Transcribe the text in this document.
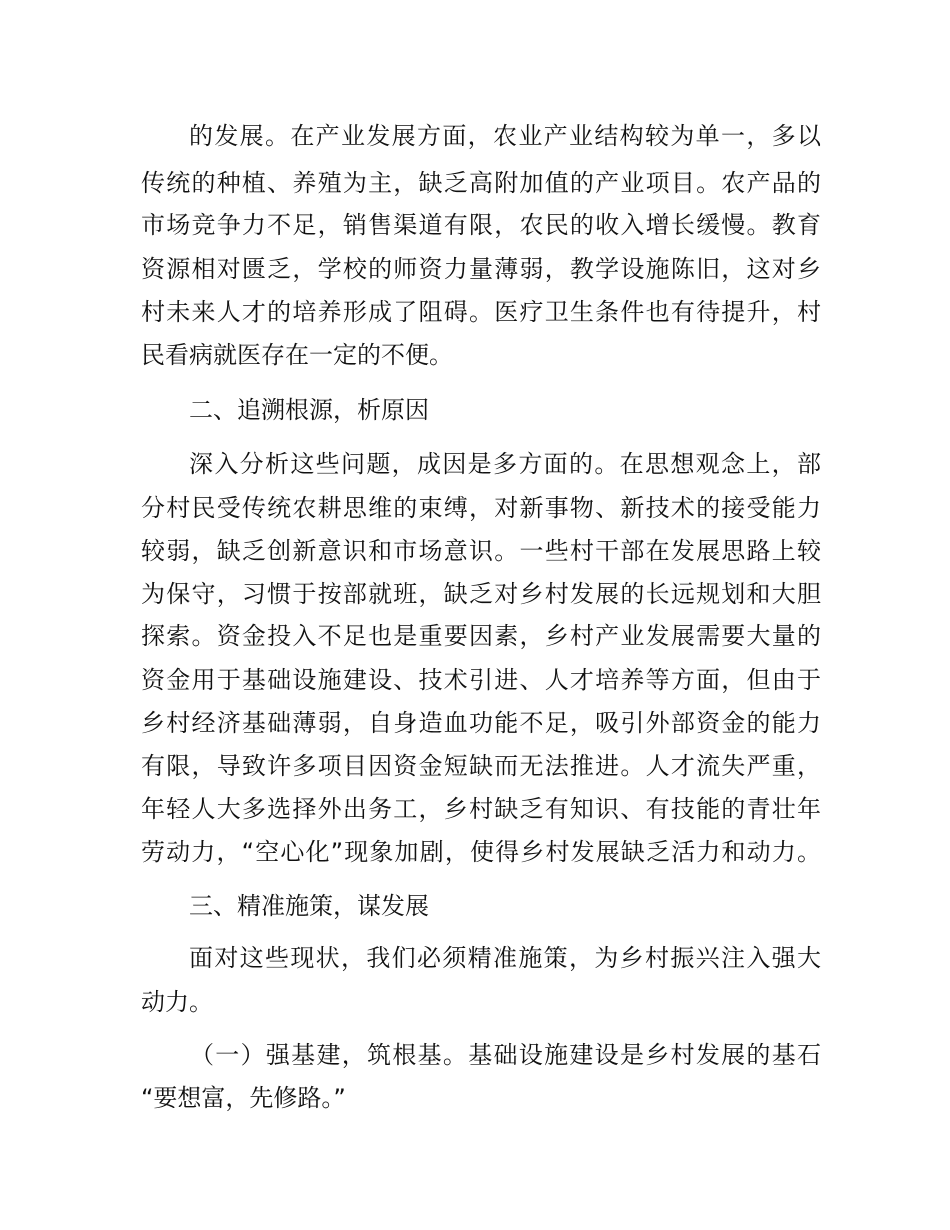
的发展。在产业发展方面，农业产业结构较为单一，多以
传统的种植、养殖为主，缺乏高附加值的产业项目。农产品的
市场竞争力不足，销售渠道有限，农民的收入增长缓慢。教育
资源相对匮乏，学校的师资力量薄弱，教学设施陈旧，这对乡
村未来人才的培养形成了阻碍。医疗卫生条件也有待提升，村
民看病就医存在一定的不便。
二、追溯根源，析原因
深入分析这些问题，成因是多方面的。在思想观念上，部
分村民受传统农耕思维的束缚，对新事物、新技术的接受能力
较弱，缺乏创新意识和市场意识。一些村干部在发展思路上较
为保守，习惯于按部就班，缺乏对乡村发展的长远规划和大胆
探索。资金投入不足也是重要因素，乡村产业发展需要大量的
资金用于基础设施建设、技术引进、人才培养等方面，但由于
乡村经济基础薄弱，自身造血功能不足，吸引外部资金的能力
有限，导致许多项目因资金短缺而无法推进。人才流失严重，
年轻人大多选择外出务工，乡村缺乏有知识、有技能的青壮年
劳动力，“空心化”现象加剧，使得乡村发展缺乏活力和动力。
三、精准施策，谋发展
面对这些现状，我们必须精准施策，为乡村振兴注入强大
动力。
（一）强基建，筑根基。基础设施建设是乡村发展的基石
“要想富，先修路。”
